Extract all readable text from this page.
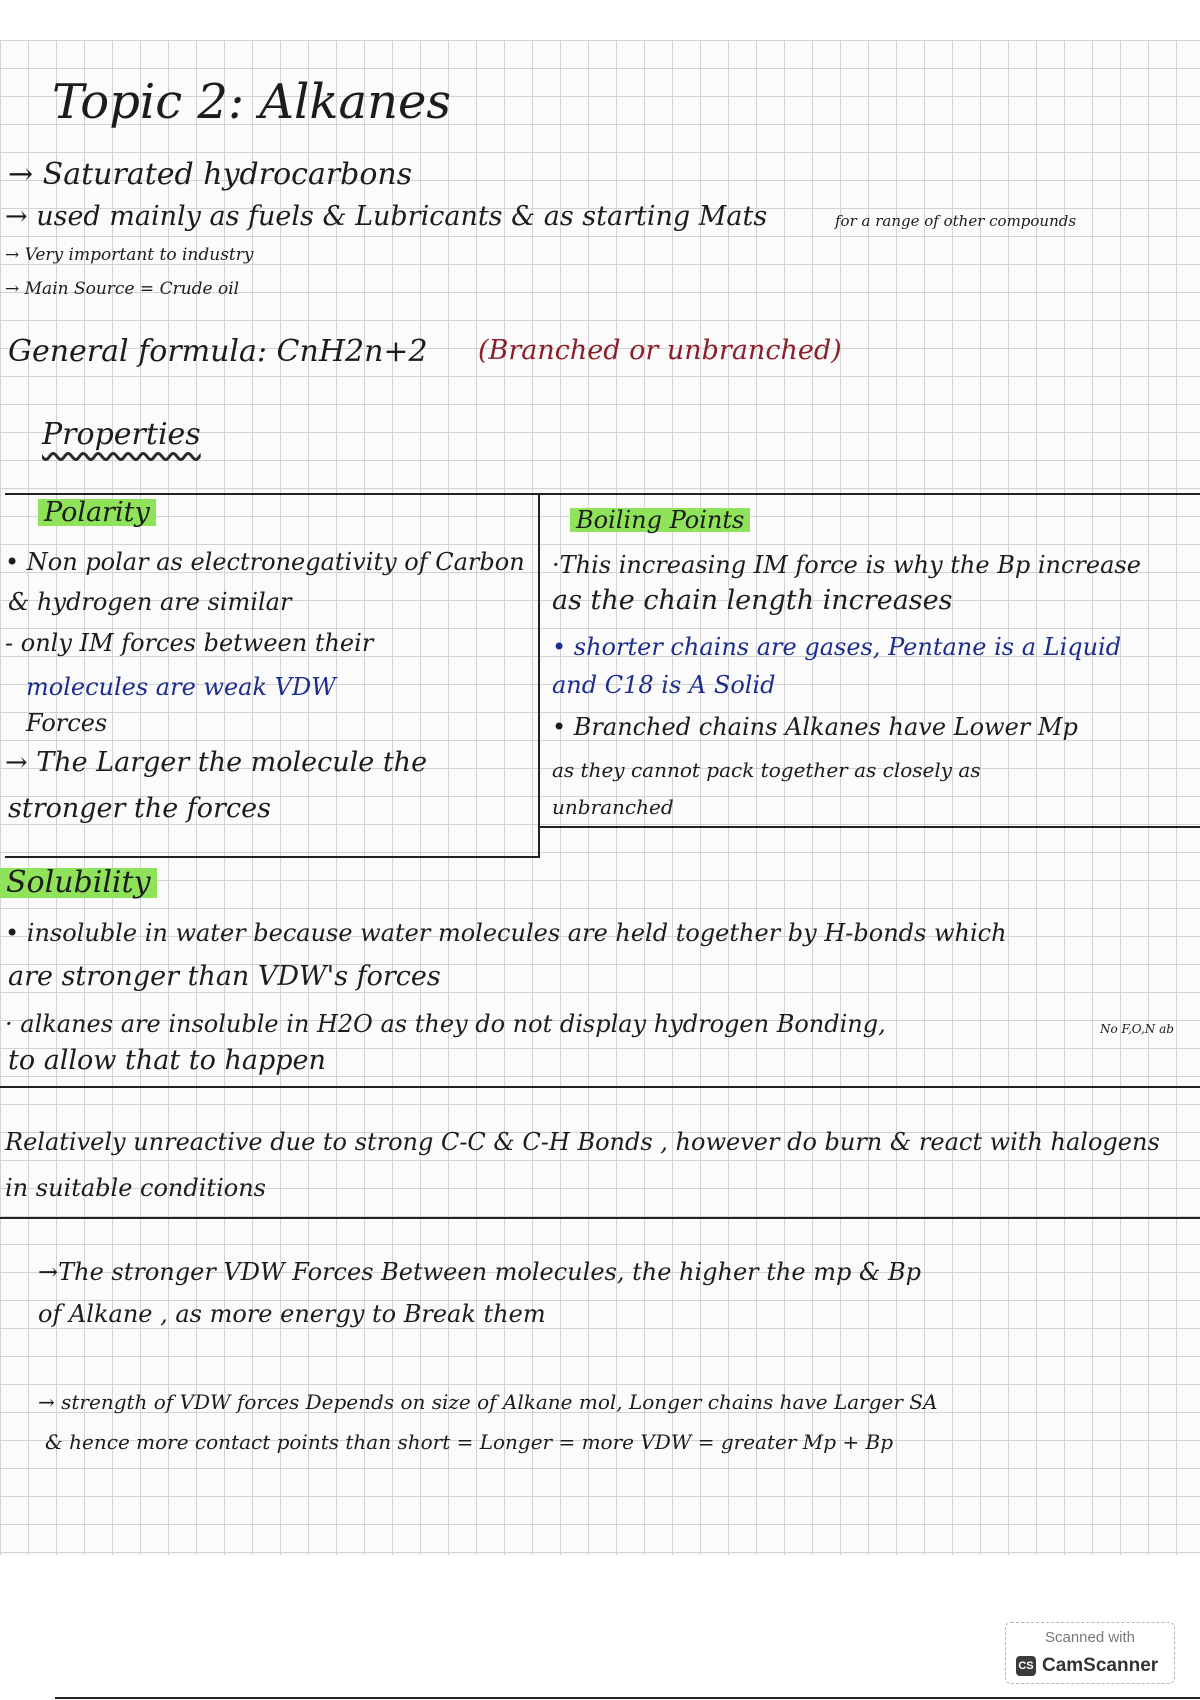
Topic 2: Alkanes
→ Saturated hydrocarbons
→ used mainly as fuels & Lubricants & as starting Mats	for a range of other compounds
→ Very important to industry
→ Main Source = Crude oil
General formula: CnH2n+2 (Branched or unbranched)
Properties
Polarity
• Non polar as electronegativity of Carbon
& hydrogen are similar
- only IM forces between their
molecules are weak VDW
Forces
→ The Larger the molecule the
stronger the forces
Boiling Points
·This increasing IM force is why the Bp increase
as the chain length increases
• shorter chains are gases, Pentane is a Liquid
and C18 is A Solid
• Branched chains Alkanes have Lower Mp
as they cannot pack together as closely as
unbranched
Solubility
• insoluble in water because water molecules are held together by H-bonds which
are stronger than VDW's forces
· alkanes are insoluble in H2O as they do not display hydrogen Bonding,	No F,O,N ab
to allow that to happen
Relatively unreactive due to strong C-C & C-H Bonds , however do burn & react with halogens
in suitable conditions
→The stronger VDW Forces Between molecules, the higher the mp & Bp
of Alkane , as more energy to Break them
→ strength of VDW forces Depends on size of Alkane mol, Longer chains have Larger SA
& hence more contact points than short = Longer = more VDW = greater Mp + Bp
Scanned with
CS CamScanner
